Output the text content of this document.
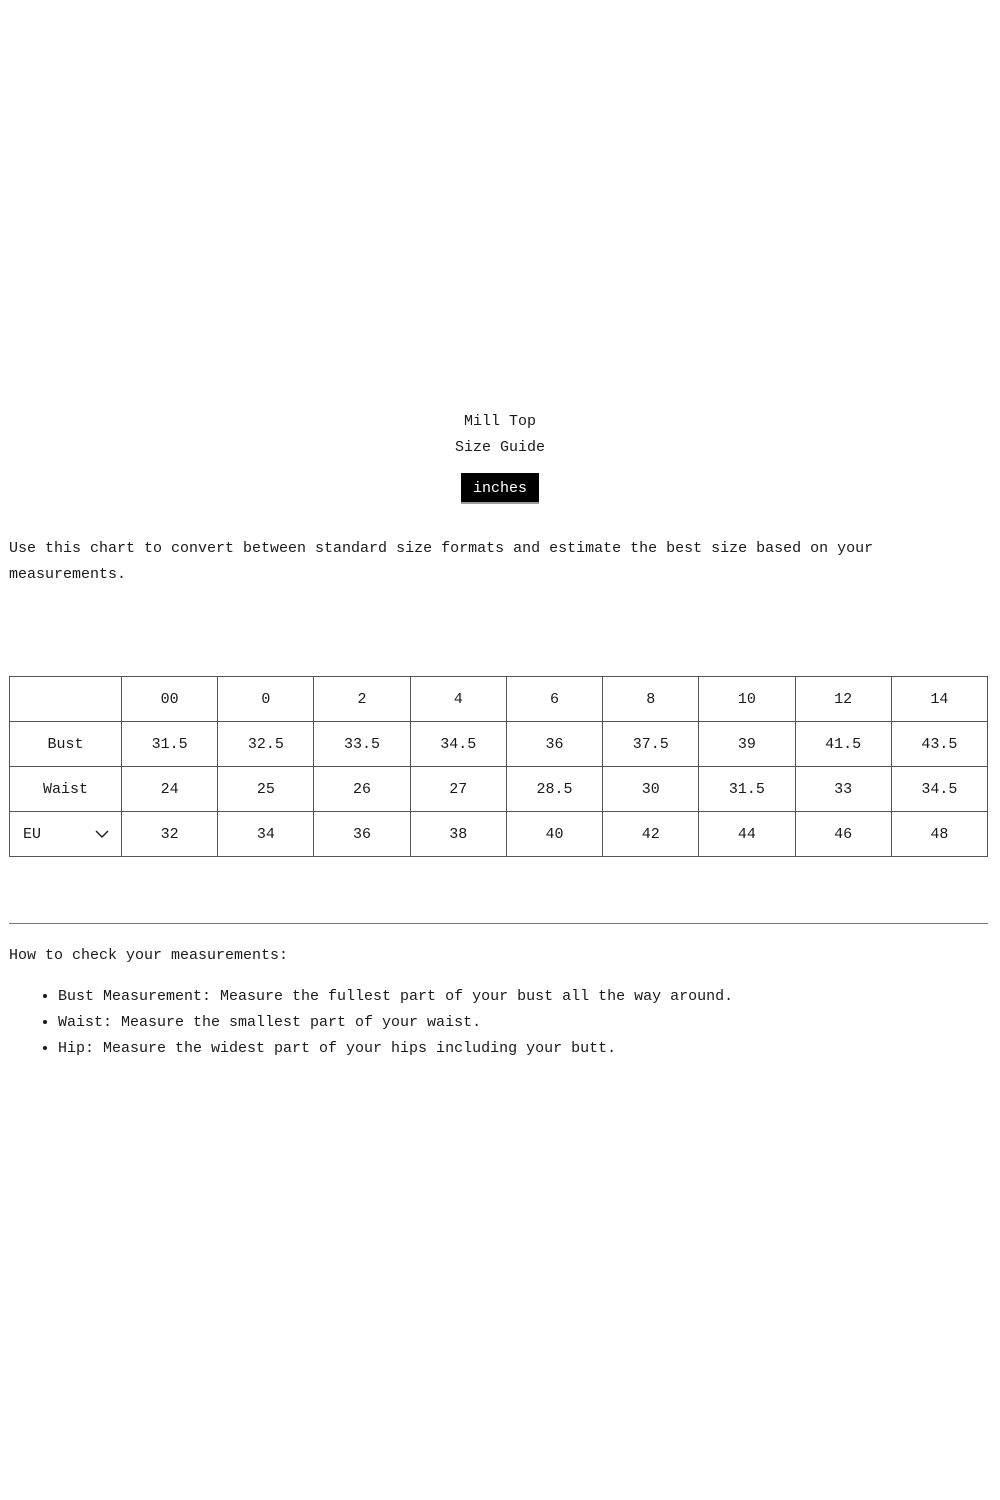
Mill Top
Size Guide
inches
Use this chart to convert between standard size formats and estimate the best size based on your measurements.
	00	0	2	4	6	8	10	12	14
Bust	31.5	32.5	33.5	34.5	36	37.5	39	41.5	43.5
Waist	24	25	26	27	28.5	30	31.5	33	34.5

EU	32	34	36	38	40	42	44	46	48
How to check your measurements:
• Bust Measurement: Measure the fullest part of your bust all the way around.
• Waist: Measure the smallest part of your waist.
• Hip: Measure the widest part of your hips including your butt.
